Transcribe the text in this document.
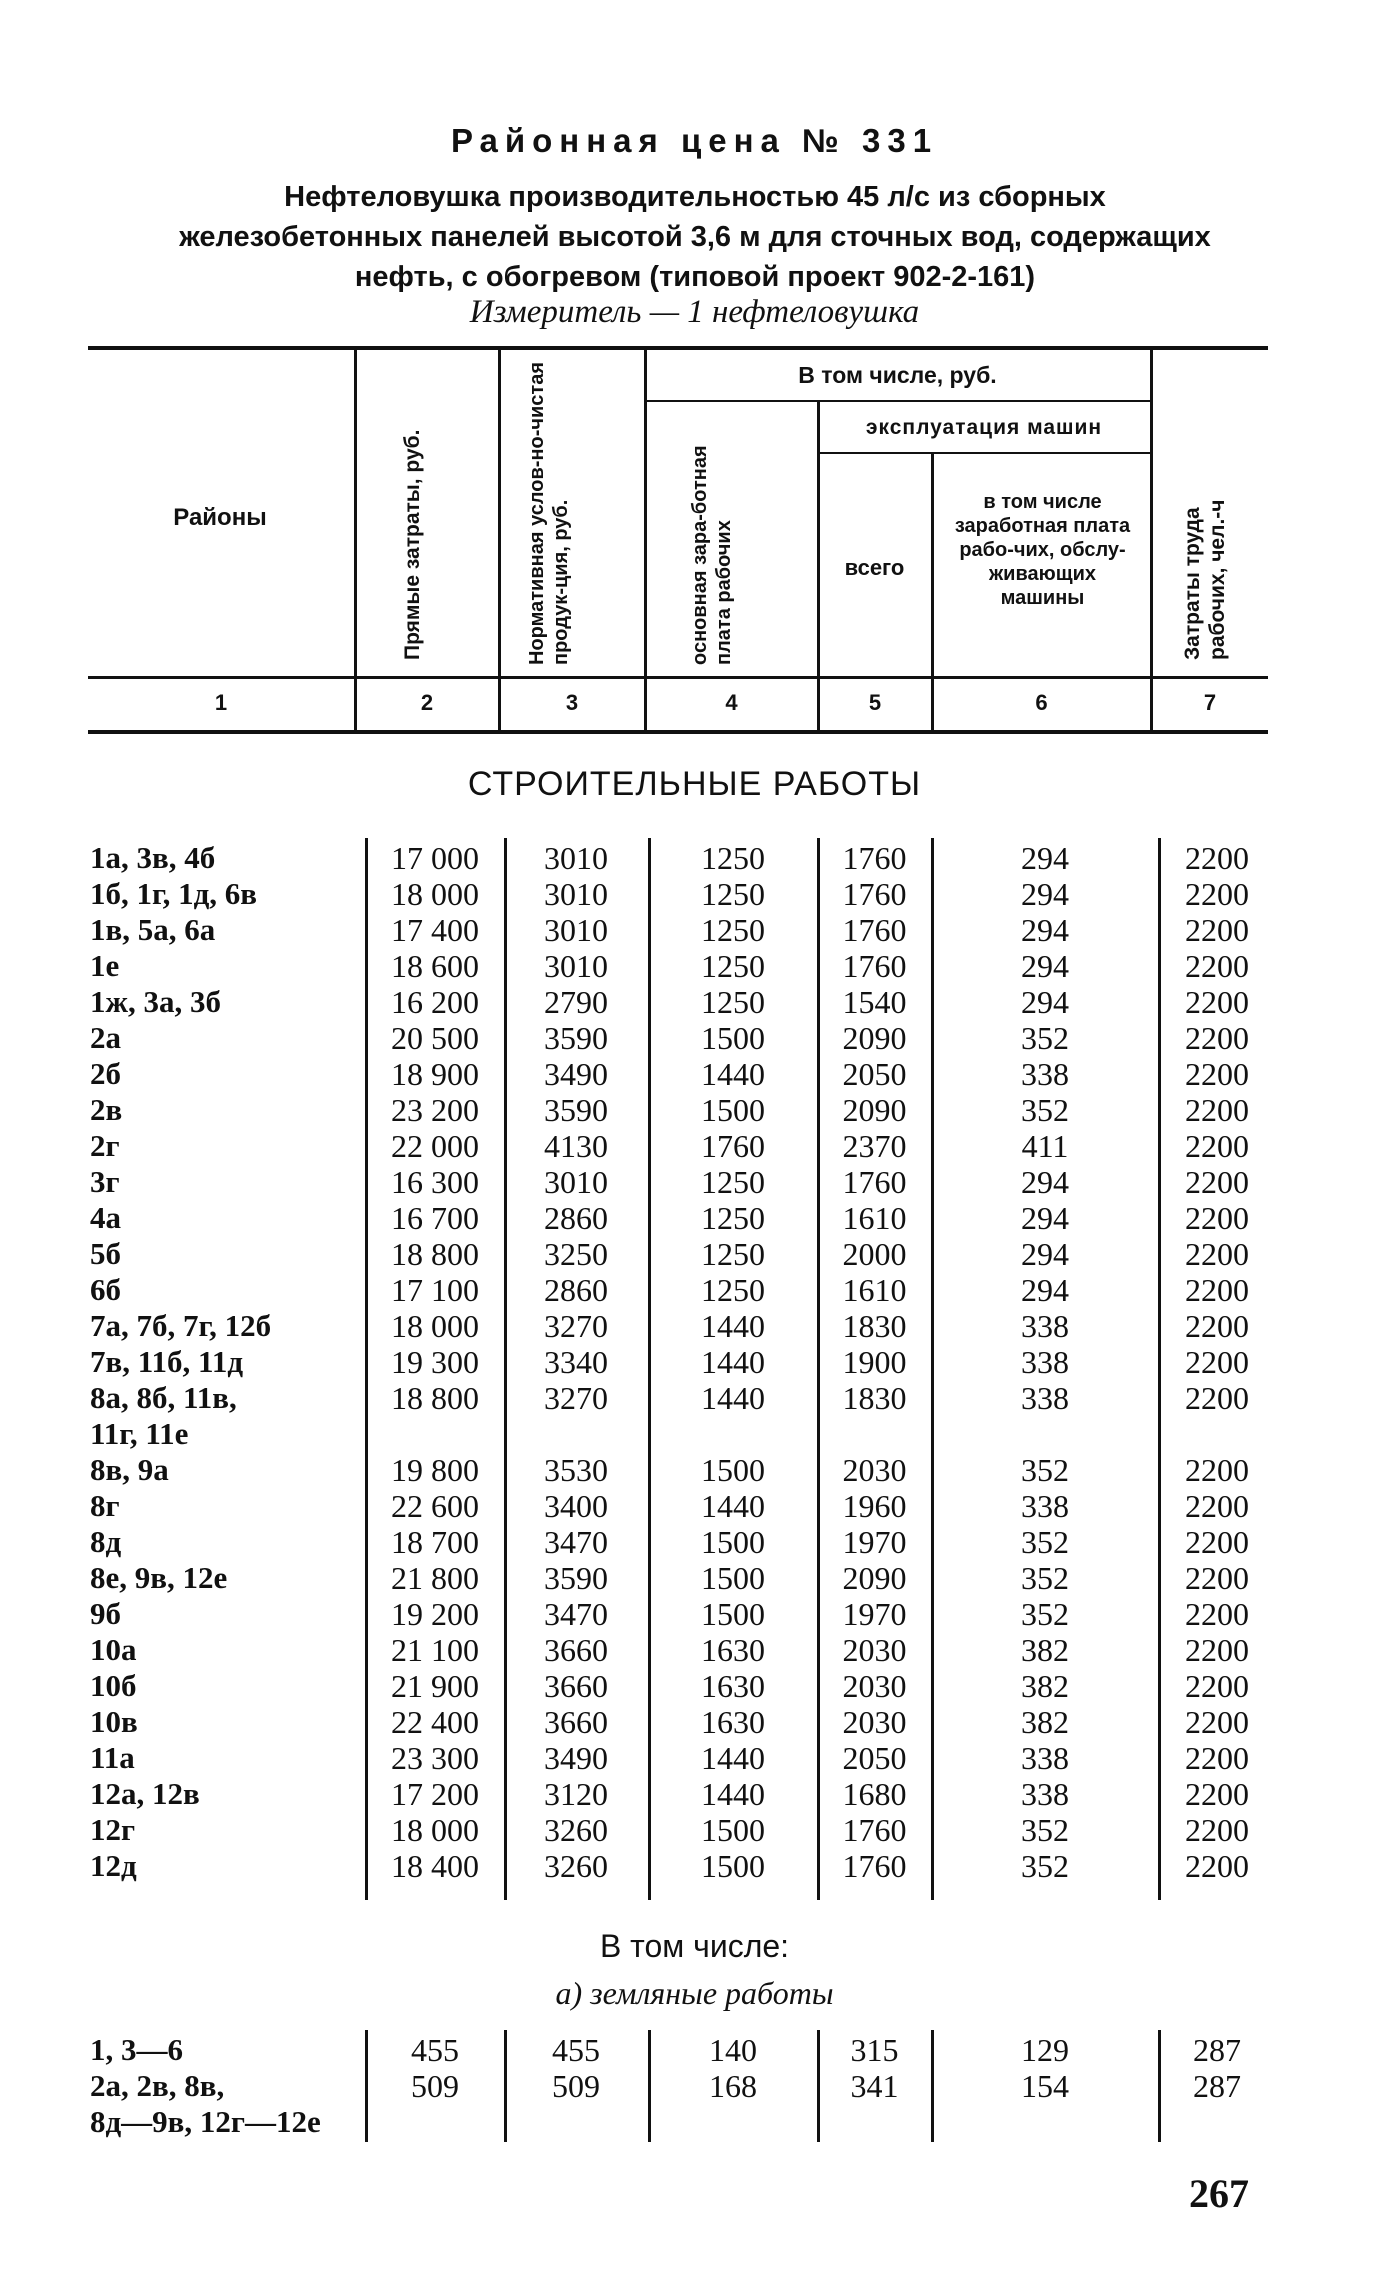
Районная цена № 331
Нефтеловушка производительностью 45 л/с из сборных
железобетонных панелей высотой 3,6 м для сточных вод, содержащих
нефть, с обогревом (типовой проект 902-2-161)
Измеритель — 1 нефтеловушка
Районы	Прямые затраты, руб.	Нормативная услов-но-чистая продук-ция, руб.
В том числе, руб.
эксплуатация машин
основная зара-ботная плата рабочих	всего
в том числе заработная плата рабо-чих, обслу-живающих машины	Затраты труда рабочих, чел.-ч
1	2	3	4	5	6	7
СТРОИТЕЛЬНЫЕ РАБОТЫ
1а, 3в, 4б	17 000	3010	1250	1760	294	2200
1б, 1г, 1д, 6в	18 000	3010	1250	1760	294	2200
1в, 5а, 6а	17 400	3010	1250	1760	294	2200
1е	18 600	3010	1250	1760	294	2200
1ж, 3а, 3б	16 200	2790	1250	1540	294	2200
2а	20 500	3590	1500	2090	352	2200
2б	18 900	3490	1440	2050	338	2200
2в	23 200	3590	1500	2090	352	2200
2г	22 000	4130	1760	2370	411	2200
3г	16 300	3010	1250	1760	294	2200
4а	16 700	2860	1250	1610	294	2200
5б	18 800	3250	1250	2000	294	2200
6б	17 100	2860	1250	1610	294	2200
7а, 7б, 7г, 12б	18 000	3270	1440	1830	338	2200
7в, 11б, 11д	19 300	3340	1440	1900	338	2200
8а, 8б, 11в,	18 800	3270	1440	1830	338	2200
11г, 11е
8в, 9а	19 800	3530	1500	2030	352	2200
8г	22 600	3400	1440	1960	338	2200
8д	18 700	3470	1500	1970	352	2200
8е, 9в, 12е	21 800	3590	1500	2090	352	2200
9б	19 200	3470	1500	1970	352	2200
10а	21 100	3660	1630	2030	382	2200
10б	21 900	3660	1630	2030	382	2200
10в	22 400	3660	1630	2030	382	2200
11а	23 300	3490	1440	2050	338	2200
12а, 12в	17 200	3120	1440	1680	338	2200
12г	18 000	3260	1500	1760	352	2200
12д	18 400	3260	1500	1760	352	2200
В том числе:
а) земляные работы
1, 3—6	455	455	140	315	129	287
2а, 2в, 8в,	509	509	168	341	154	287
8д—9в, 12г—12е
267
